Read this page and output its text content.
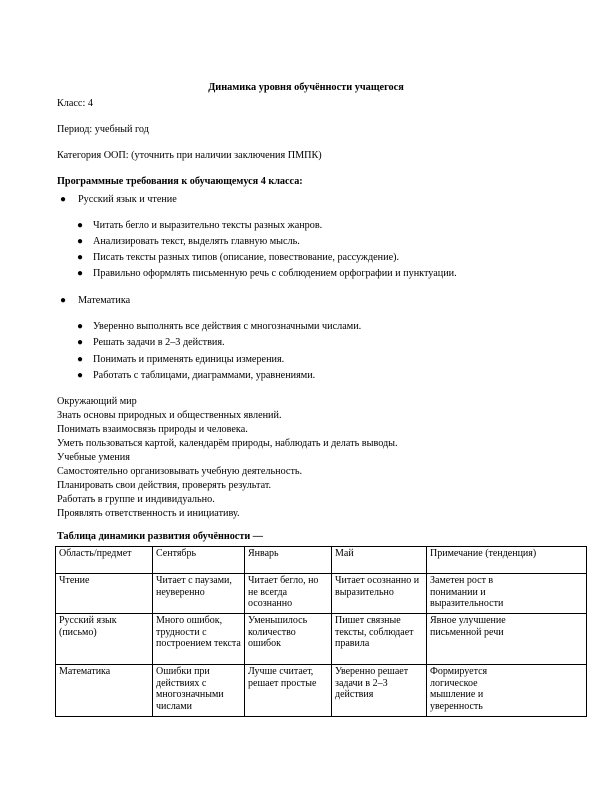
Динамика уровня обучённости учащегося
Класс: 4
Период: учебный год
Категория ООП: (уточнить при наличии заключения ПМПК)
Программные требования к обучающемуся 4 класса:
● Русский язык и чтение
● Читать бегло и выразительно тексты разных жанров.
● Анализировать текст, выделять главную мысль.
● Писать тексты разных типов (описание, повествование, рассуждение).
● Правильно оформлять письменную речь с соблюдением орфографии и пунктуации.
● Математика
● Уверенно выполнять все действия с многозначными числами.
● Решать задачи в 2–3 действия.
● Понимать и применять единицы измерения.
● Работать с таблицами, диаграммами, уравнениями.
Окружающий мир
Знать основы природных и общественных явлений.
Понимать взаимосвязь природы и человека.
Уметь пользоваться картой, календарём природы, наблюдать и делать выводы.
Учебные умения
Самостоятельно организовывать учебную деятельность.
Планировать свои действия, проверять результат.
Работать в группе и индивидуально.
Проявлять ответственность и инициативу.
Таблица динамики развития обучённости —
Область/предмет	Сентябрь	Январь	Май	Примечание (тенденция)
Чтение	Читает с паузами, неуверенно	Читает бегло, но не всегда осознанно	Читает осознанно и выразительно	Заметен рост в понимании и выразительности
Русский язык (письмо)	Много ошибок, трудности с построением текста	Уменьшилось количество ошибок	Пишет связные тексты, соблюдает правила	Явное улучшение письменной речи
Математика	Ошибки при действиях с многозначными числами	Лучше считает, решает простые	Уверенно решает задачи в 2–3 действия	Формируется логическое мышление и уверенность
